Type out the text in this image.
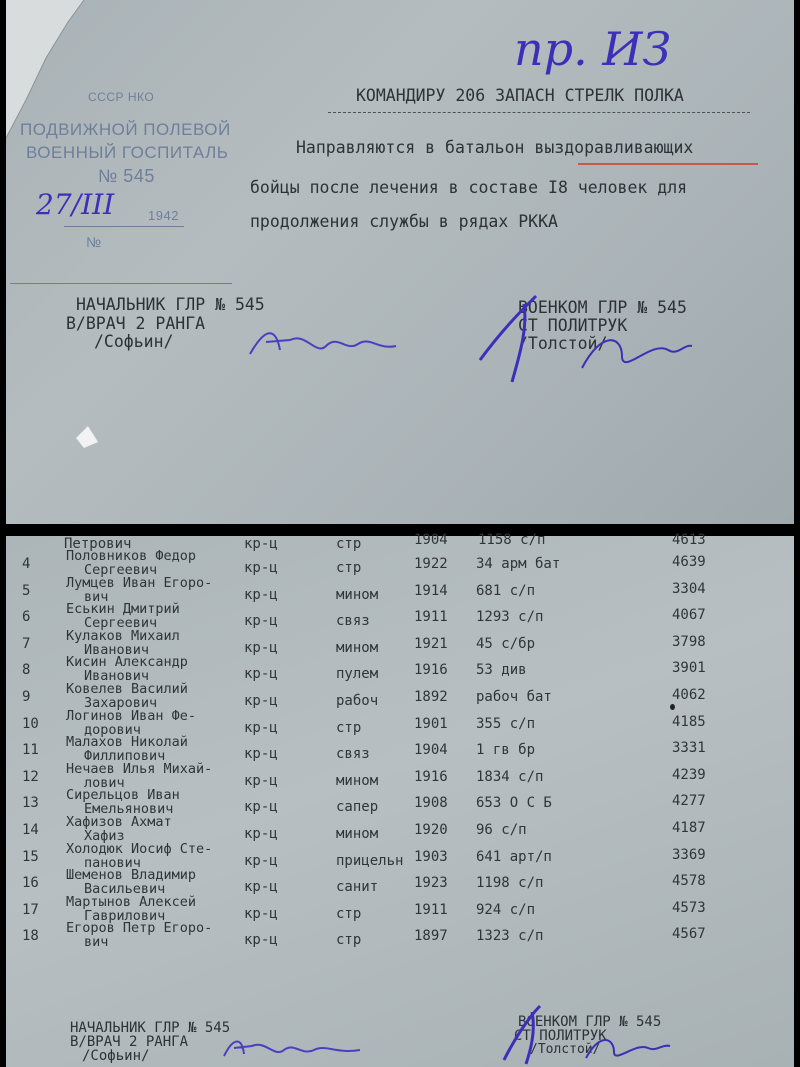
СССР НКО
ПОДВИЖНОЙ ПОЛЕВОЙ
ВОЕННЫЙ ГОСПИТАЛЬ
№ 545
1942
№
27/III
пр. ИЗ
КОМАНДИРУ 206 ЗАПАСН СТРЕЛК ПОЛКА
Направляются в батальон выздоравливающих
бойцы после лечения в составе I8 человек для
продолжения службы в рядах РККА
НАЧАЛЬНИК ГЛР № 545
В/ВРАЧ 2 РАНГА
/Софьин/
ВОЕНКОМ ГЛР № 545
СТ ПОЛИТРУК
/Толстой/
Петрович	кр-ц	стр	1904 1158 с/п	4613
4	Половников Федор
Сергеевич	кр-ц	стр	1922 34 арм бат	4639
5	Лумцев Иван Егоро-
вич	кр-ц	мином	1914 681 с/п	3304
6	Еськин Дмитрий
Сергеевич	кр-ц	связ	1911 1293 с/п	4067
7	Кулаков Михаил
Иванович	кр-ц	мином	1921 45 с/бр	3798
8	Кисин Александр
Иванович	кр-ц	пулем	1916 53 див	3901
9	Ковелев Василий
Захарович	кр-ц	рабоч	1892 рабоч бат	4062
10 Логинов Иван Фе-
дорович	кр-ц	стр	1901 355 с/п	4185
11 Малахов Николай
Филлипович	кр-ц	связ	1904 1 гв бр	3331
12 Нечаев Илья Михай-
лович	кр-ц	мином	1916 1834 с/п	4239
13 Сирельцов Иван
Емельянович	кр-ц	сапер	1908 653 О С Б	4277
14 Хафизов Ахмат
Хафиз	кр-ц	мином	1920 96 с/п	4187
15 Холодюк Иосиф Сте-
панович	кр-ц	прицельн 1903 641 арт/п	3369
16 Шеменов Владимир
Васильевич	кр-ц	санит	1923 1198 с/п	4578
17 Мартынов Алексей
Гаврилович	кр-ц	стр	1911 924 с/п	4573
18 Егоров Петр Егоро-
вич	кр-ц	стр	1897 1323 с/п	4567
НАЧАЛЬНИК ГЛР № 545
В/ВРАЧ 2 РАНГА
/Софьин/
ВОЕНКОМ ГЛР № 545
СТ ПОЛИТРУК
/Толстой/
